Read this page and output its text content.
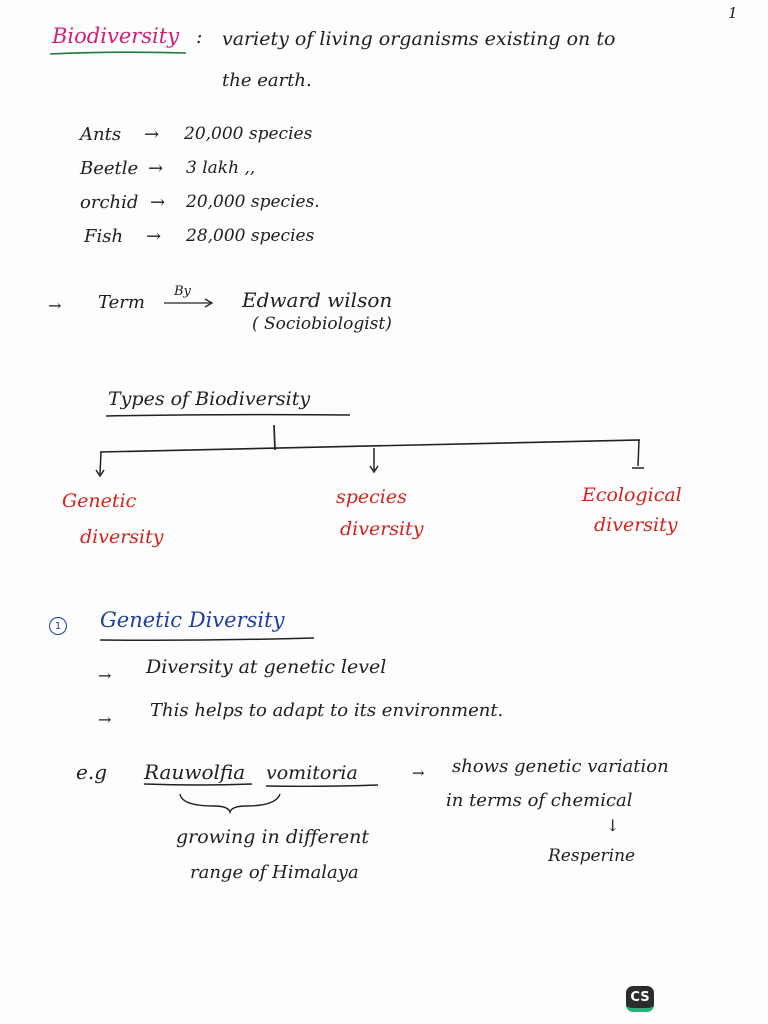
1
Biodiversity : variety of living organisms existing on to
the earth.
Ants → 20,000 species
Beetle → 3 lakh ,,
orchid → 20,000 species.
Fish → 28,000 species
→ Term
By	Edward wilson
( Sociobiologist)
Types of Biodiversity
Genetic
diversity
species
diversity
Ecological
diversity
1 Genetic Diversity
→ Diversity at genetic level
→ This helps to adapt to its environment.
e.g Rauwolfia vomitoria	→ shows genetic variation
in terms of chemical
↓
Resperine
growing in different
range of Himalaya
CS
